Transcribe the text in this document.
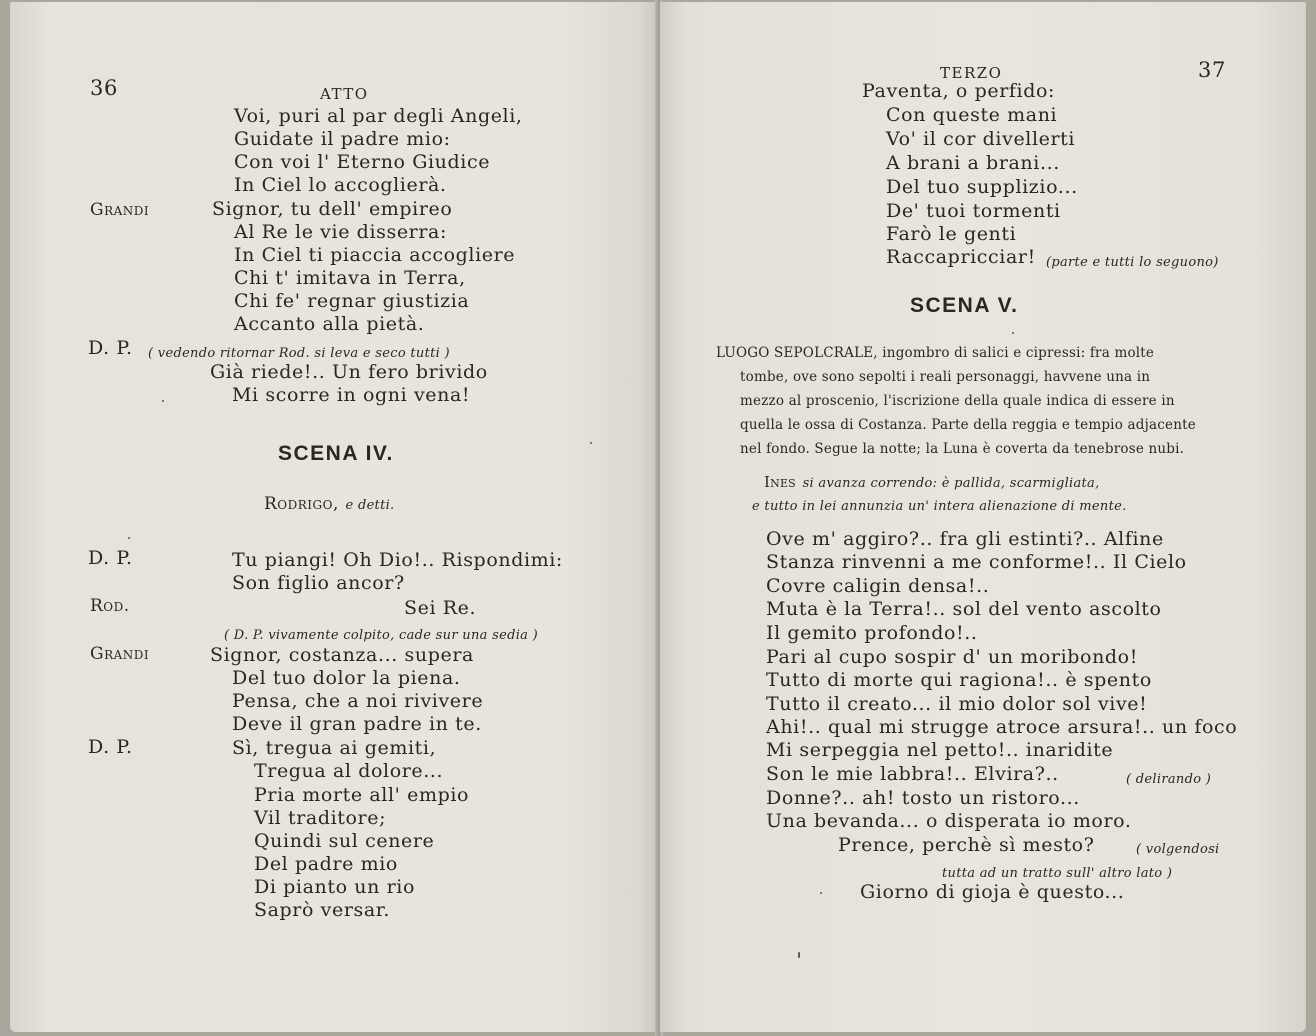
36	ATTO
Voi, puri al par degli Angeli,
Guidate il padre mio:
Con voi l' Eterno Giudice
In Ciel lo accoglierà.
Grandi	Signor, tu dell' empireo
Al Re le vie disserra:
In Ciel ti piaccia accogliere
Chi t' imitava in Terra,
Chi fe' regnar giustizia
Accanto alla pietà.
D. P. ( vedendo ritornar Rod. si leva e seco tutti )
Già riede!.. Un fero brivido
Mi scorre in ogni vena!
SCENA IV.
Rodrigo, e detti.
D. P.	Tu piangi! Oh Dio!.. Rispondimi:
Son figlio ancor?
Rod.	Sei Re.
( D. P. vivamente colpito, cade sur una sedia )
Grandi	Signor, costanza... supera
Del tuo dolor la piena.
Pensa, che a noi rivivere
Deve il gran padre in te.
D. P.	Sì, tregua ai gemiti,
Tregua al dolore...
Pria morte all' empio
Vil traditore;
Quindi sul cenere
Del padre mio
Di pianto un rio
Saprò versar.
TERZO	37
Paventa, o perfido:
Con queste mani
Vo' il cor divellerti
A brani a brani...
Del tuo supplizio...
De' tuoi tormenti
Farò le genti
Raccapricciar! (parte e tutti lo seguono)
SCENA V.
LUOGO SEPOLCRALE, ingombro di salici e cipressi: fra molte
tombe, ove sono sepolti i reali personaggi, havvene una in
mezzo al proscenio, l'iscrizione della quale indica di essere in
quella le ossa di Costanza. Parte della reggia e tempio adjacente
nel fondo. Segue la notte; la Luna è coverta da tenebrose nubi.
Ines si avanza correndo: è pallida, scarmigliata,
e tutto in lei annunzia un' intera alienazione di mente.
Ove m' aggiro?.. fra gli estinti?.. Alfine
Stanza rinvenni a me conforme!.. Il Cielo
Covre caligin densa!..
Muta è la Terra!.. sol del vento ascolto
Il gemito profondo!..
Pari al cupo sospir d' un moribondo!
Tutto di morte qui ragiona!.. è spento
Tutto il creato... il mio dolor sol vive!
Ahi!.. qual mi strugge atroce arsura!.. un foco
Mi serpeggia nel petto!.. inaridite
Son le mie labbra!.. Elvira?..	( delirando )
Donne?.. ah! tosto un ristoro...
Una bevanda... o disperata io moro.
Prence, perchè sì mesto?	( volgendosi
tutta ad un tratto sull' altro lato )
Giorno di gioja è questo...
